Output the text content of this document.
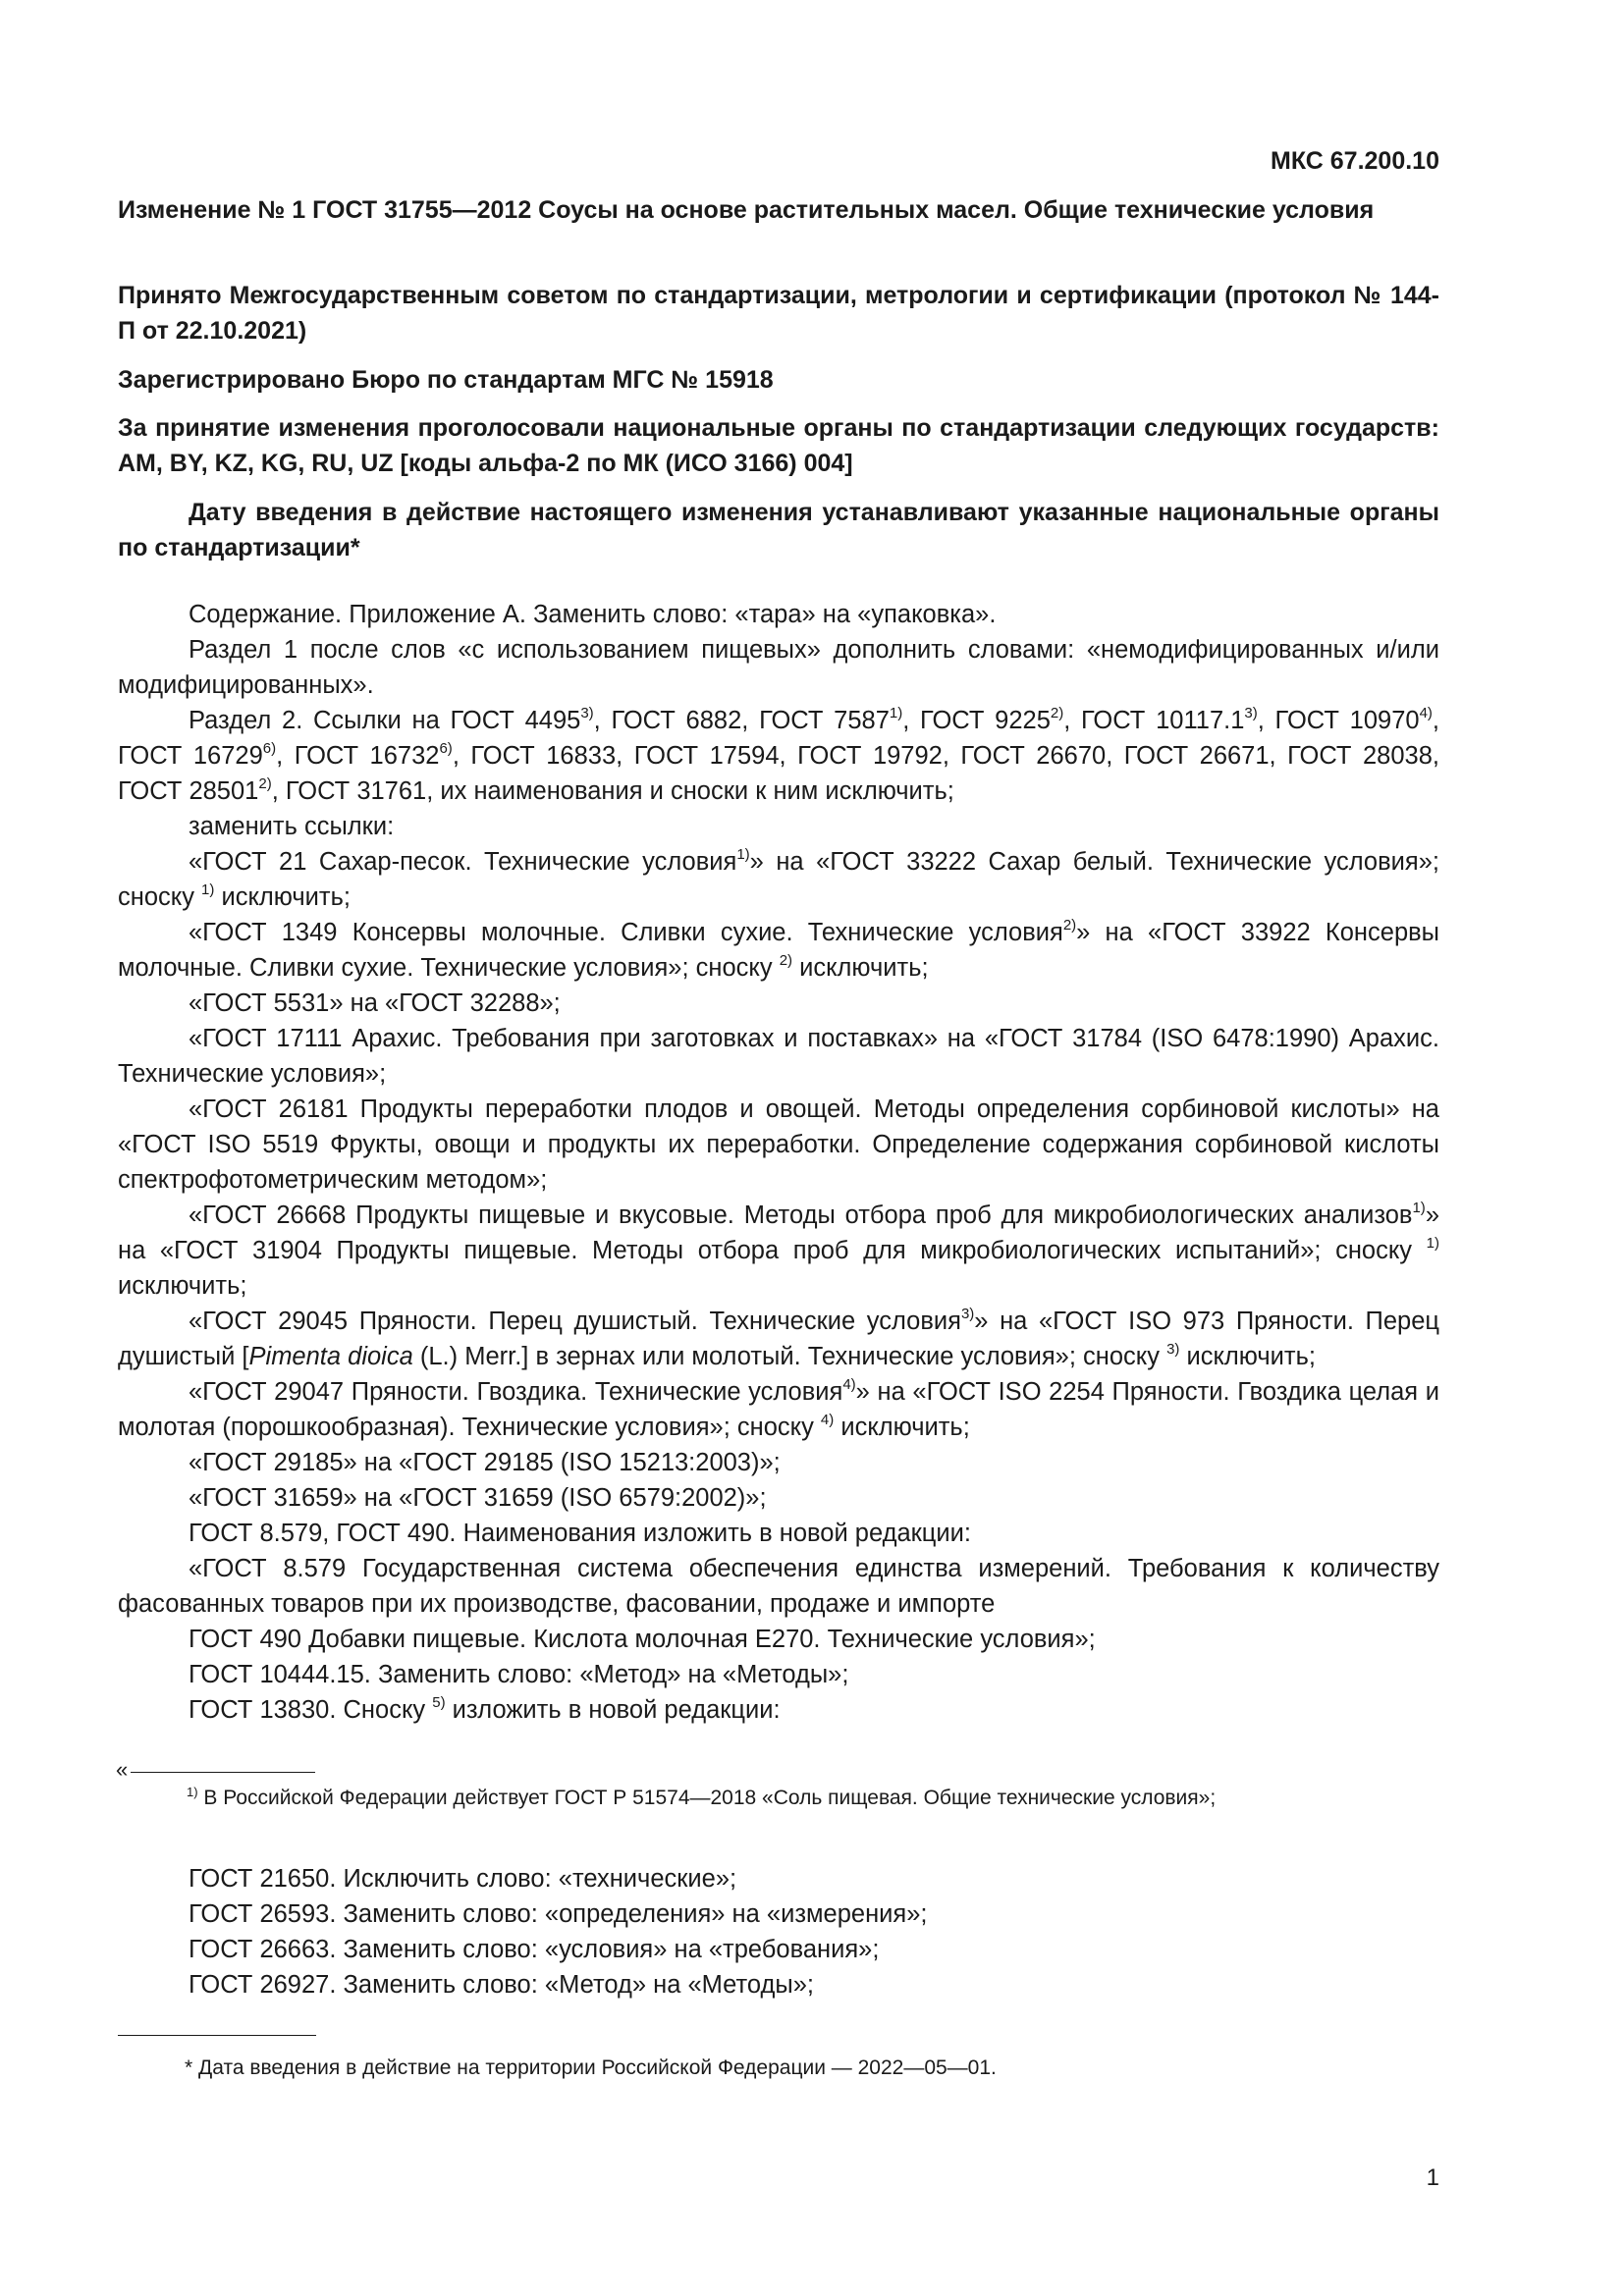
МКС 67.200.10
Изменение № 1 ГОСТ 31755—2012 Соусы на основе растительных масел. Общие технические условия
Принято Межгосударственным советом по стандартизации, метрологии и сертификации (протокол № 144-П от 22.10.2021)
Зарегистрировано Бюро по стандартам МГС № 15918
За принятие изменения проголосовали национальные органы по стандартизации следующих государств: AM, BY, KZ, KG, RU, UZ [коды альфа-2 по МК (ИСО 3166) 004]
Дату введения в действие настоящего изменения устанавливают указанные национальные органы по стандартизации*

Содержание. Приложение А. Заменить слово: «тара» на «упаковка».

Раздел 1 после слов «с использованием пищевых» дополнить словами: «немодифицированных и/или модифицированных».

Раздел 2. Ссылки на ГОСТ 4495$^{3)}$, ГОСТ 6882, ГОСТ 7587$^{1)}$, ГОСТ 9225$^{2)}$, ГОСТ 10117.1$^{3)}$, ГОСТ 10970$^{4)}$, ГОСТ 16729$^{6)}$, ГОСТ 16732$^{6)}$, ГОСТ 16833, ГОСТ 17594, ГОСТ 19792, ГОСТ 26670, ГОСТ 26671, ГОСТ 28038, ГОСТ 28501$^{2)}$, ГОСТ 31761, их наименования и сноски к ним исключить;

заменить ссылки:

«ГОСТ 21 Сахар-песок. Технические условия$^{1)}$» на «ГОСТ 33222 Сахар белый. Технические условия»; сноску $^{1)}$ исключить;

«ГОСТ 1349 Консервы молочные. Сливки сухие. Технические условия$^{2)}$» на «ГОСТ 33922 Консервы молочные. Сливки сухие. Технические условия»; сноску $^{2)}$ исключить;

«ГОСТ 5531» на «ГОСТ 32288»;

«ГОСТ 17111 Арахис. Требования при заготовках и поставках» на «ГОСТ 31784 (ISO 6478:1990) Арахис. Технические условия»;

«ГОСТ 26181 Продукты переработки плодов и овощей. Методы определения сорбиновой кислоты» на «ГОСТ ISO 5519 Фрукты, овощи и продукты их переработки. Определение содержания сорбиновой кислоты спектрофотометрическим методом»;

«ГОСТ 26668 Продукты пищевые и вкусовые. Методы отбора проб для микробиологических анализов$^{1)}$» на «ГОСТ 31904 Продукты пищевые. Методы отбора проб для микробиологических испытаний»; сноску $^{1)}$ исключить;

«ГОСТ 29045 Пряности. Перец душистый. Технические условия$^{3)}$» на «ГОСТ ISO 973 Пряности. Перец душистый [Pimenta dioica (L.) Merr.] в зернах или молотый. Технические условия»; сноску $^{3)}$ исключить;

«ГОСТ 29047 Пряности. Гвоздика. Технические условия$^{4)}$» на «ГОСТ ISO 2254 Пряности. Гвоздика целая и молотая (порошкообразная). Технические условия»; сноску $^{4)}$ исключить;

«ГОСТ 29185» на «ГОСТ 29185 (ISO 15213:2003)»;

«ГОСТ 31659» на «ГОСТ 31659 (ISO 6579:2002)»;

ГОСТ 8.579, ГОСТ 490. Наименования изложить в новой редакции:

«ГОСТ 8.579 Государственная система обеспечения единства измерений. Требования к количеству фасованных товаров при их производстве, фасовании, продаже и импорте

ГОСТ 490 Добавки пищевые. Кислота молочная Е270. Технические условия»;

ГОСТ 10444.15. Заменить слово: «Метод» на «Методы»;

ГОСТ 13830. Сноску $^{5)}$ изложить в новой редакции:

«
$^{1)}$ В Российской Федерации действует ГОСТ Р 51574—2018 «Соль пищевая. Общие технические условия»;

ГОСТ 21650. Исключить слово: «технические»;

ГОСТ 26593. Заменить слово: «определения» на «измерения»;

ГОСТ 26663. Заменить слово: «условия» на «требования»;

ГОСТ 26927. Заменить слово: «Метод» на «Методы»;

* Дата введения в действие на территории Российской Федерации — 2022—05—01.
1
